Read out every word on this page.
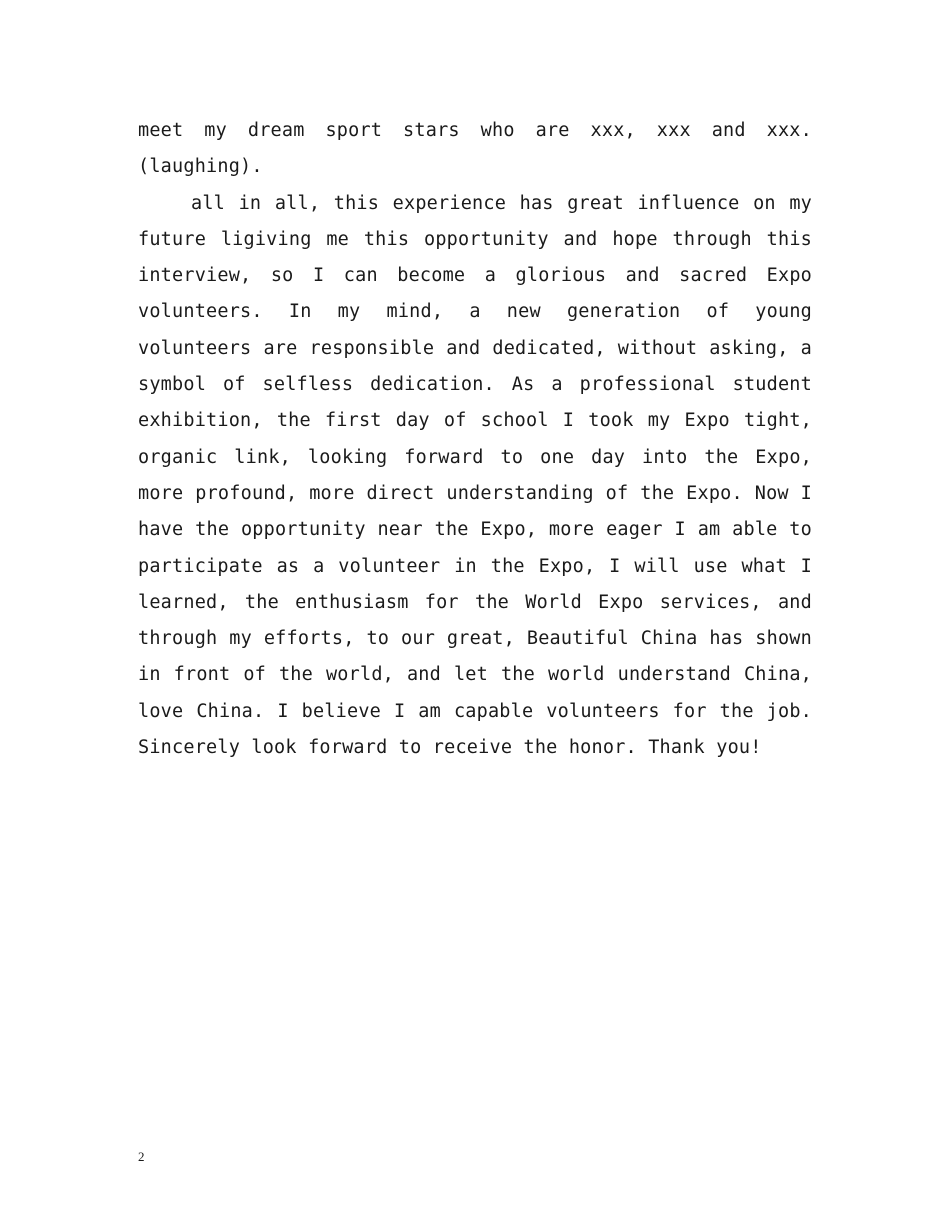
meet my dream sport stars who are xxx, xxx and xxx. (laughing).

all in all, this experience has great influence on my future ligiving me this opportunity and hope through this interview, so I can become a glorious and sacred Expo volunteers. In my mind, a new generation of young volunteers are responsible and dedicated, without asking, a symbol of selfless dedication. As a professional student exhibition, the first day of school I took my Expo tight, organic link, looking forward to one day into the Expo, more profound, more direct understanding of the Expo. Now I have the opportunity near the Expo, more eager I am able to participate as a volunteer in the Expo, I will use what I learned, the enthusiasm for the World Expo services, and through my efforts, to our great, Beautiful China has shown in front of the world, and let the world understand China, love China. I believe I am capable volunteers for the job. Sincerely look forward to receive the honor. Thank you!

2
